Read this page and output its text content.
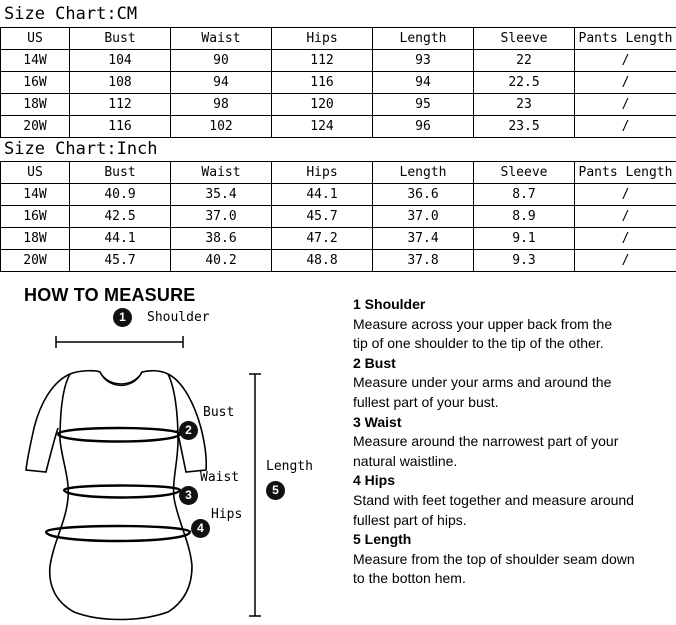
Size Chart:CM
US	Bust	Waist	Hips	Length	Sleeve	Pants Length
14W	104	90	112	93	22	/
16W	108	94	116	94	22.5	/
18W	112	98	120	95	23	/
20W	116	102	124	96	23.5	/
Size Chart:Inch
US	Bust	Waist	Hips	Length	Sleeve	Pants Length
14W	40.9	35.4	44.1	36.6	8.7	/
16W	42.5	37.0	45.7	37.0	8.9	/
18W	44.1	38.6	47.2	37.4	9.1	/
20W	45.7	40.2	48.8	37.8	9.3	/
HOW TO MEASURE
1	Shoulder
2
Bust
3
Waist
4
Hips
5
Length
1 Shoulder
Measure across your upper back from the
tip of one shoulder to the tip of the other.
2 Bust
Measure under your arms and around the
fullest part of your bust.
3 Waist
Measure around the narrowest part of your
natural waistline.
4 Hips
Stand with feet together and measure around
fullest part of hips.
5 Length
Measure from the top of shoulder seam down
to the botton hem.
